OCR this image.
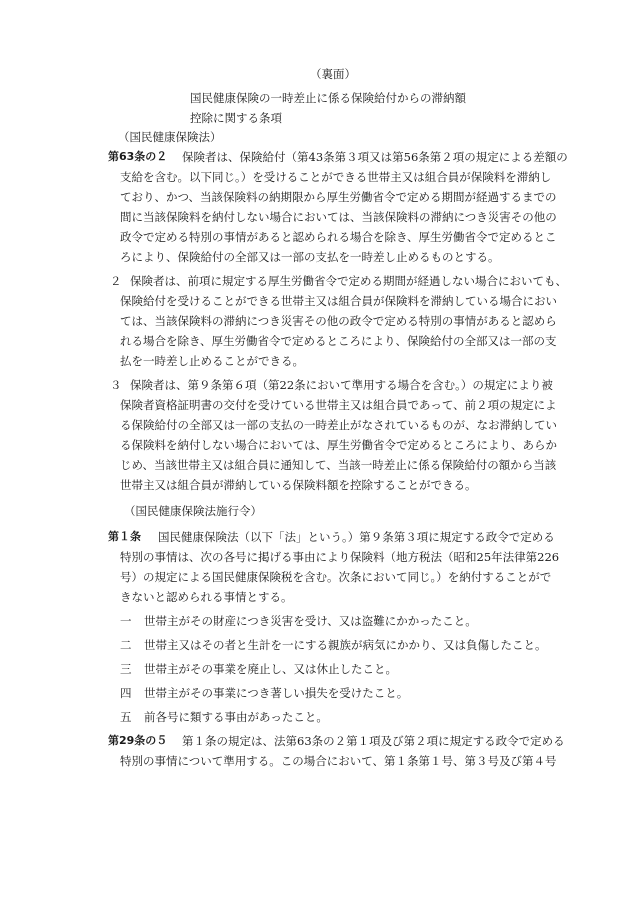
（裏面）
国民健康保険の一時差止に係る保険給付からの滞納額
控除に関する条項
（国民健康保険法）
第63条の２ 保険者は、保険給付（第43条第３項又は第56条第２項の規定による差額の
支給を含む。以下同じ。）を受けることができる世帯主又は組合員が保険料を滞納し
ており、かつ、当該保険料の納期限から厚生労働省令で定める期間が経過するまでの
間に当該保険料を納付しない場合においては、当該保険料の滞納につき災害その他の
政令で定める特別の事情があると認められる場合を除き、厚生労働省令で定めるとこ
ろにより、保険給付の全部又は一部の支払を一時差し止めるものとする。
２ 保険者は、前項に規定する厚生労働省令で定める期間が経過しない場合においても、
保険給付を受けることができる世帯主又は組合員が保険料を滞納している場合におい
ては、当該保険料の滞納につき災害その他の政令で定める特別の事情があると認めら
れる場合を除き、厚生労働省令で定めるところにより、保険給付の全部又は一部の支
払を一時差し止めることができる。
３ 保険者は、第９条第６項（第22条において準用する場合を含む。）の規定により被
保険者資格証明書の交付を受けている世帯主又は組合員であって、前２項の規定によ
る保険給付の全部又は一部の支払の一時差止がなされているものが、なお滞納してい
る保険料を納付しない場合においては、厚生労働省令で定めるところにより、あらか
じめ、当該世帯主又は組合員に通知して、当該一時差止に係る保険給付の額から当該
世帯主又は組合員が滞納している保険料額を控除することができる。
（国民健康保険法施行令）
第１条 国民健康保険法（以下「法」という。）第９条第３項に規定する政令で定める
特別の事情は、次の各号に掲げる事由により保険料（地方税法（昭和25年法律第226
号）の規定による国民健康保険税を含む。次条において同じ。）を納付することがで
きないと認められる事情とする。
一 世帯主がその財産につき災害を受け、又は盗難にかかったこと。
二 世帯主又はその者と生計を一にする親族が病気にかかり、又は負傷したこと。
三 世帯主がその事業を廃止し、又は休止したこと。
四 世帯主がその事業につき著しい損失を受けたこと。
五 前各号に類する事由があったこと。
第29条の５ 第１条の規定は、法第63条の２第１項及び第２項に規定する政令で定める
特別の事情について準用する。この場合において、第１条第１号、第３号及び第４号
